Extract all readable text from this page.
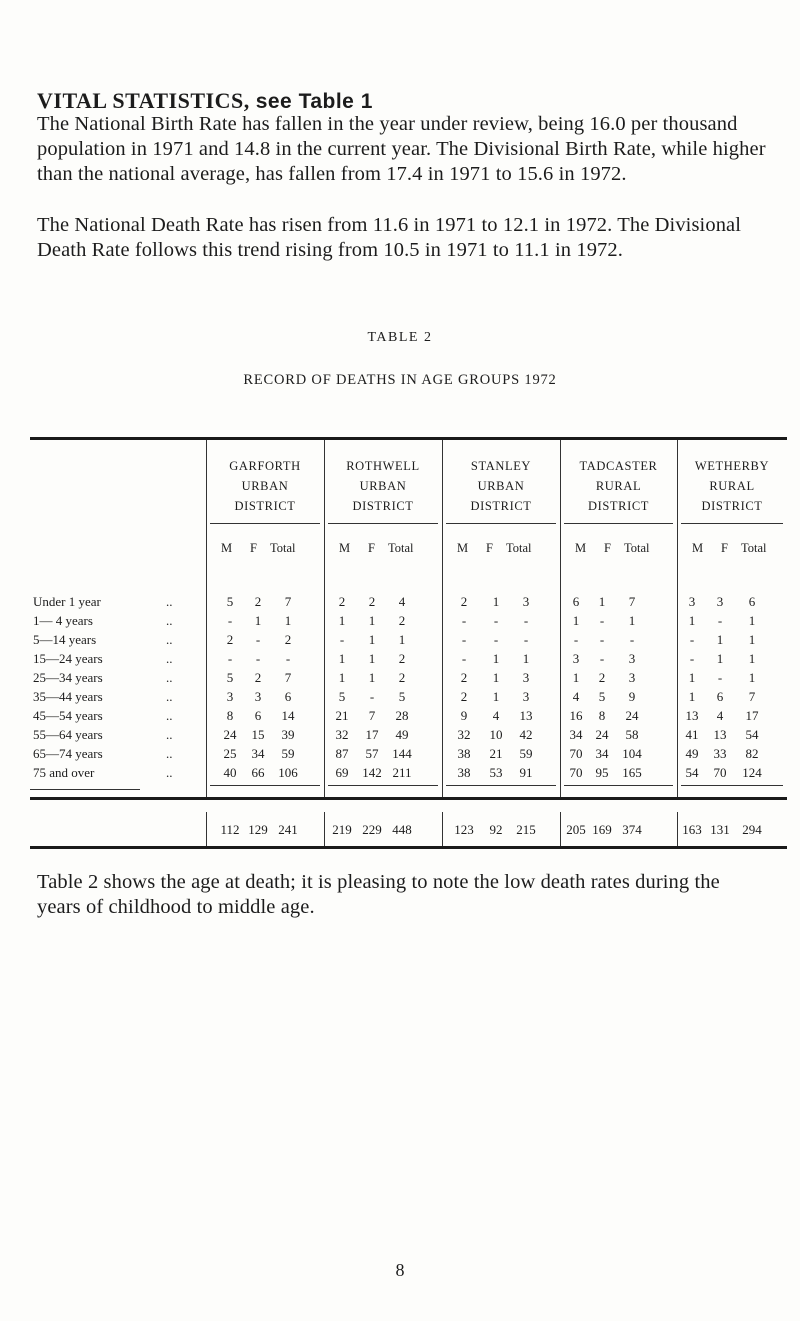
VITAL STATISTICS, see Table 1

The National Birth Rate has fallen in the year under review, being 16.0 per thousand population in 1971 and 14.8 in the current year. The Divisional Birth Rate, while higher than the national average, has fallen from 17.4 in 1971 to 15.6 in 1972.

The National Death Rate has risen from 11.6 in 1971 to 12.1 in 1972. The Divisional Death Rate follows this trend rising from 10.5 in 1971 to 11.1 in 1972.

TABLE 2
RECORD OF DEATHS IN AGE GROUPS 1972
GARFORTH
URBAN
DISTRICT
M F Total
ROTHWELL
URBAN
DISTRICT
M F Total
STANLEY
URBAN
DISTRICT
M F Total
TADCASTER
RURAL
DISTRICT
M F Total
WETHERBY
RURAL
DISTRICT
M F Total
Under 1 year	..	5	2	7	2	2	4	2	1	3	6	1	7	3	3	6
1— 4 years	..	-	1	1	1	1	2	-	-	-	1	-	1	1	-	1
5—14 years	..	2	-	2	-	1	1	-	-	-	-	-	-	-	1	1
15—24 years	..	-	-	-	1	1	2	-	1	1	3	-	3	-	1	1
25—34 years	..	5	2	7	1	1	2	2	1	3	1	2	3	1	-	1
35—44 years	..	3	3	6	5	-	5	2	1	3	4	5	9	1	6	7
45—54 years	..	8	6	14	21	7	28	9	4	13	16	8	24	13	4	17
55—64 years	..	24	15	39	32	17	49	32	10	42	34	24	58	41	13	54
65—74 years	..	25	34	59	87	57	144	38	21	59	70	34	104	49	33	82
75 and over	..	40	66	106	69	142 211	38	53	91	70	95	165	54	70	124
112 129 241	219 229 448	123	92	215	205 169 374	163 131 294

Table 2 shows the age at death; it is pleasing to note the low death rates during the years of childhood to middle age.

8
